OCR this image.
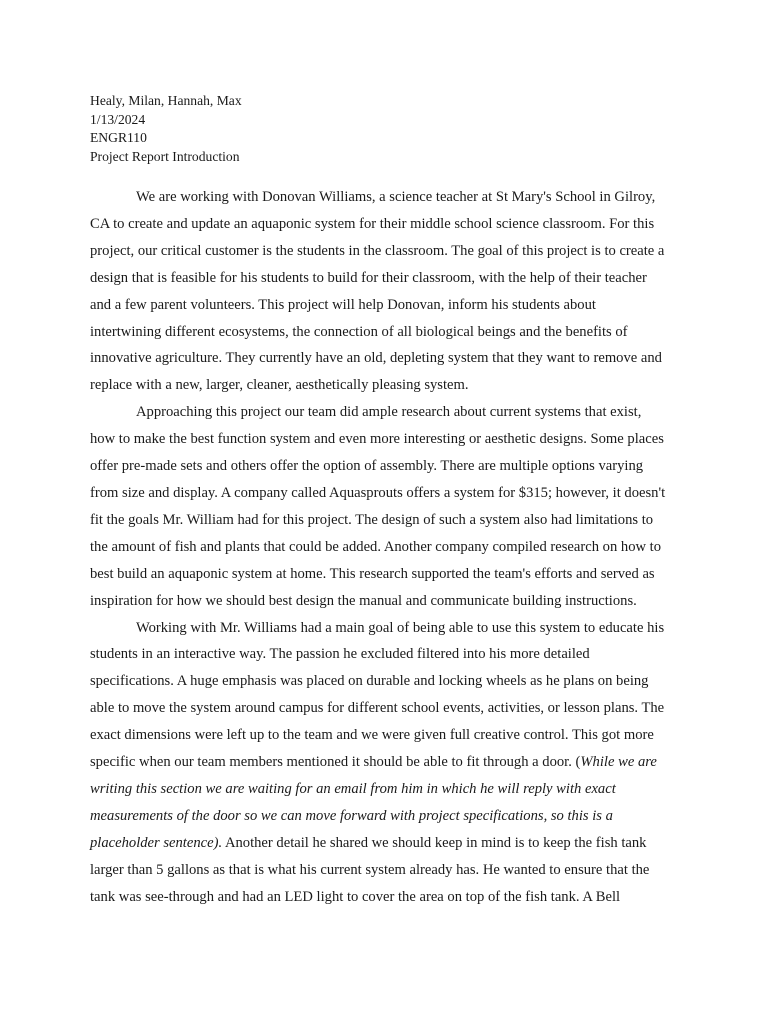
Healy, Milan, Hannah, Max
1/13/2024
ENGR110
Project Report Introduction

We are working with Donovan Williams, a science teacher at St Mary's School in Gilroy, CA to create and update an aquaponic system for their middle school science classroom. For this project, our critical customer is the students in the classroom. The goal of this project is to create a design that is feasible for his students to build for their classroom, with the help of their teacher and a few parent volunteers. This project will help Donovan, inform his students about intertwining different ecosystems, the connection of all biological beings and the benefits of innovative agriculture. They currently have an old, depleting system that they want to remove and replace with a new, larger, cleaner, aesthetically pleasing system.

Approaching this project our team did ample research about current systems that exist, how to make the best function system and even more interesting or aesthetic designs. Some places offer pre-made sets and others offer the option of assembly. There are multiple options varying from size and display. A company called Aquasprouts offers a system for $315; however, it doesn't fit the goals Mr. William had for this project. The design of such a system also had limitations to the amount of fish and plants that could be added. Another company compiled research on how to best build an aquaponic system at home. This research supported the team's efforts and served as inspiration for how we should best design the manual and communicate building instructions.

Working with Mr. Williams had a main goal of being able to use this system to educate his students in an interactive way. The passion he excluded filtered into his more detailed specifications. A huge emphasis was placed on durable and locking wheels as he plans on being able to move the system around campus for different school events, activities, or lesson plans. The exact dimensions were left up to the team and we were given full creative control. This got more specific when our team members mentioned it should be able to fit through a door. (While we are writing this section we are waiting for an email from him in which he will reply with exact measurements of the door so we can move forward with project specifications, so this is a placeholder sentence). Another detail he shared we should keep in mind is to keep the fish tank larger than 5 gallons as that is what his current system already has. He wanted to ensure that the tank was see-through and had an LED light to cover the area on top of the fish tank. A Bell
